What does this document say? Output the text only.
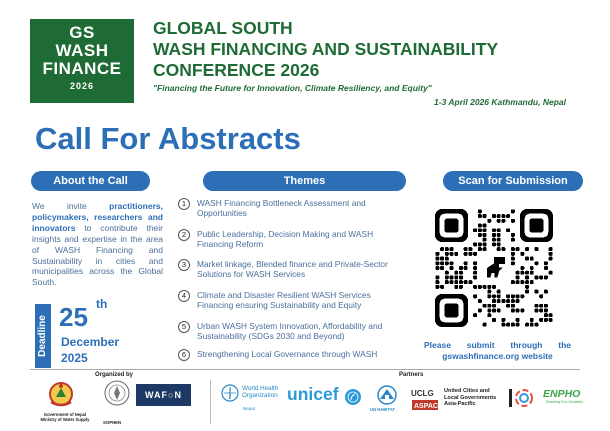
GS
WASH
FINANCE
2026
GLOBAL SOUTH
WASH FINANCING AND SUSTAINABILITY
CONFERENCE 2026
"Financing the Future for Innovation, Climate Resiliency, and Equity"
1-3 April 2026 Kathmandu, Nepal
Call For Abstracts
About the Call	Themes	Scan for Submission
We invite practitioners, policymakers, researchers and innovators to contribute their insights and expertise in the area of WASH Financing and Sustainability in cities and municipalities across the Global South.
Deadline 25 th
December
2025
1	WASH Financing Bottleneck Assessment and Opportunities
2	Public Leadership, Decision Making and WASH Financing Reform
3	Market linkage, Blended finance and Private-Sector Solutions for WASH Services
4	Climate and Disaster Resilient WASH Services Financing ensuring Sustainability and Equity
5	Urban WASH System Innovation, Affordability and Sustainability (SDGs 2030 and Beyond)
6	Strengthening Local Governance through WASH
Please submit through the gswashfinance.org website
Organized by	Partners
Government of Nepal
Ministry of Water Supply
SOPHEN
WAF○N
World Health
Organization
Nepal
unicef
UN HABITAT
UCLG
ASPAC
United Cities and
Local Governments
Asia-Pacific
ENPHO
Enabling Eco-Societies
